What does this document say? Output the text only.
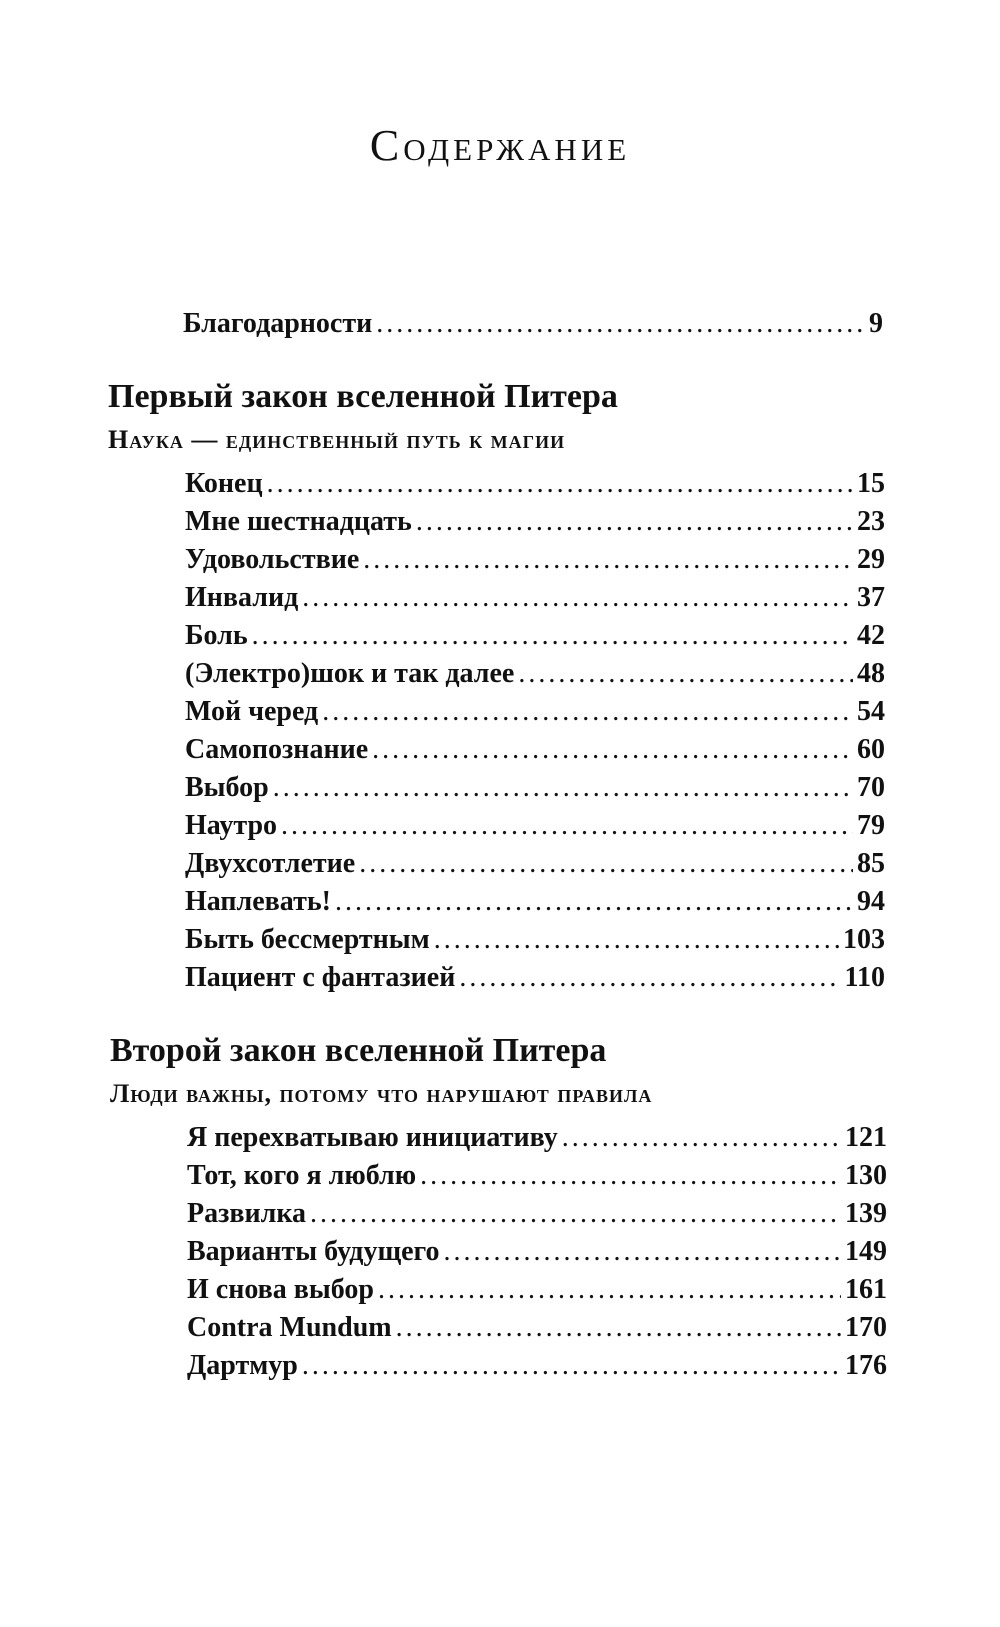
Содержание
Благодарности .....	9
Первый закон вселенной Питера
Наука — единственный путь к магии
Конец .....	15
Мне шестнадцать .....	23
Удовольствие .....	29
Инвалид .....	37
Боль .....	42
(Электро)шок и так далее .....	48
Мой черед .....	54
Самопознание .....	60
Выбор .....	70
Наутро .....	79
Двухсотлетие .....	85
Наплевать! .....	94
Быть бессмертным .....	103
Пациент с фантазией .....	110
Второй закон вселенной Питера
Люди важны, потому что нарушают правила
Я перехватываю инициативу .....	121
Тот, кого я люблю .....	130
Развилка .....	139
Варианты будущего .....	149
И снова выбор .....	161
Contra Mundum .....	170
Дартмур .....	176
